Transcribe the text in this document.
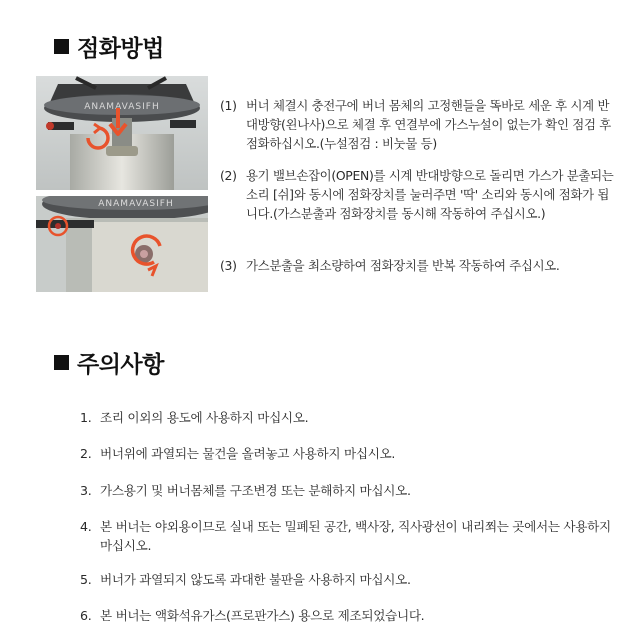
점화방법
ANAMAVASIFH
ANAMAVASIFH
(1) 버너 체결시 충전구에 버너 몸체의 고정핸들을 똑바로 세운 후 시계 반대방향(왼나사)으로 체결 후 연결부에 가스누설이 없는가 확인 점검 후 점화하십시오.(누설점검 : 비눗물 등)
(2) 용기 밸브손잡이(OPEN)를 시계 반대방향으로 돌리면 가스가 분출되는 소리 [쉬]와 동시에 점화장치를 눌러주면 '딱' 소리와 동시에 점화가 됩니다.(가스분출과 점화장치를 동시해 작동하여 주십시오.)
(3) 가스분출을 최소량하여 점화장치를 반복 작동하여 주십시오.
주의사항
1. 조리 이외의 용도에 사용하지 마십시오.
2. 버너위에 과열되는 물건을 올려놓고 사용하지 마십시오.
3. 가스용기 및 버너몸체를 구조변경 또는 분해하지 마십시오.
4. 본 버너는 야외용이므로 실내 또는 밀폐된 공간, 백사장, 직사광선이 내리쬐는 곳에서는 사용하지 마십시오.
5. 버너가 과열되지 않도록 과대한 불판을 사용하지 마십시오.
6. 본 버너는 액화석유가스(프로판가스) 용으로 제조되었습니다.
